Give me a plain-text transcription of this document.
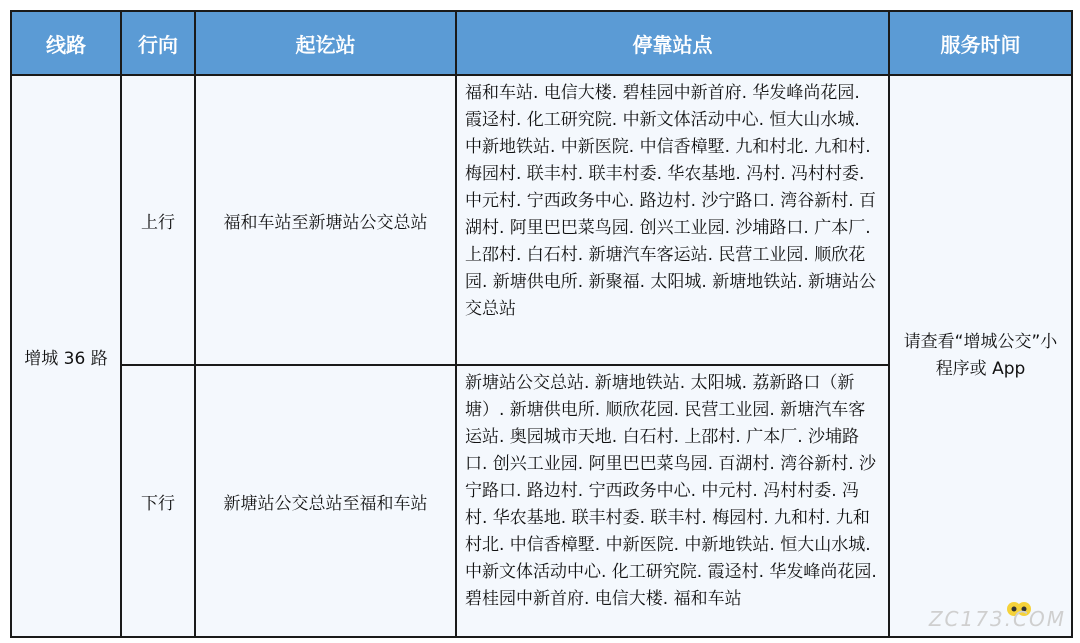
线路	行向	起讫站	停靠站点	服务时间
增城 36 路	上行	福和车站至新塘站公交总站	福和车站. 电信大楼. 碧桂园中新首府. 华发峰尚花园. 霞迳村. 化工研究院. 中新文体活动中心. 恒大山水城. 中新地铁站. 中新医院. 中信香樟墅. 九和村北. 九和村. 梅园村. 联丰村. 联丰村委. 华农基地. 冯村. 冯村村委. 中元村. 宁西政务中心. 路边村. 沙宁路口. 湾谷新村. 百湖村. 阿里巴巴菜鸟园. 创兴工业园. 沙埔路口. 广本厂. 上邵村. 白石村. 新塘汽车客运站. 民营工业园. 顺欣花园. 新塘供电所. 新聚福. 太阳城. 新塘地铁站. 新塘站公交总站	请查看“增城公交”小程序或 App
	下行	新塘站公交总站至福和车站	新塘站公交总站. 新塘地铁站. 太阳城. 荔新路口（新塘）. 新塘供电所. 顺欣花园. 民营工业园. 新塘汽车客运站. 奥园城市天地. 白石村. 上邵村. 广本厂. 沙埔路口. 创兴工业园. 阿里巴巴菜鸟园. 百湖村. 湾谷新村. 沙宁路口. 路边村. 宁西政务中心. 中元村. 冯村村委. 冯村. 华农基地. 联丰村委. 联丰村. 梅园村. 九和村. 九和村北. 中信香樟墅. 中新医院. 中新地铁站. 恒大山水城. 中新文体活动中心. 化工研究院. 霞迳村. 华发峰尚花园. 碧桂园中新首府. 电信大楼. 福和车站	
ZC173.COM
